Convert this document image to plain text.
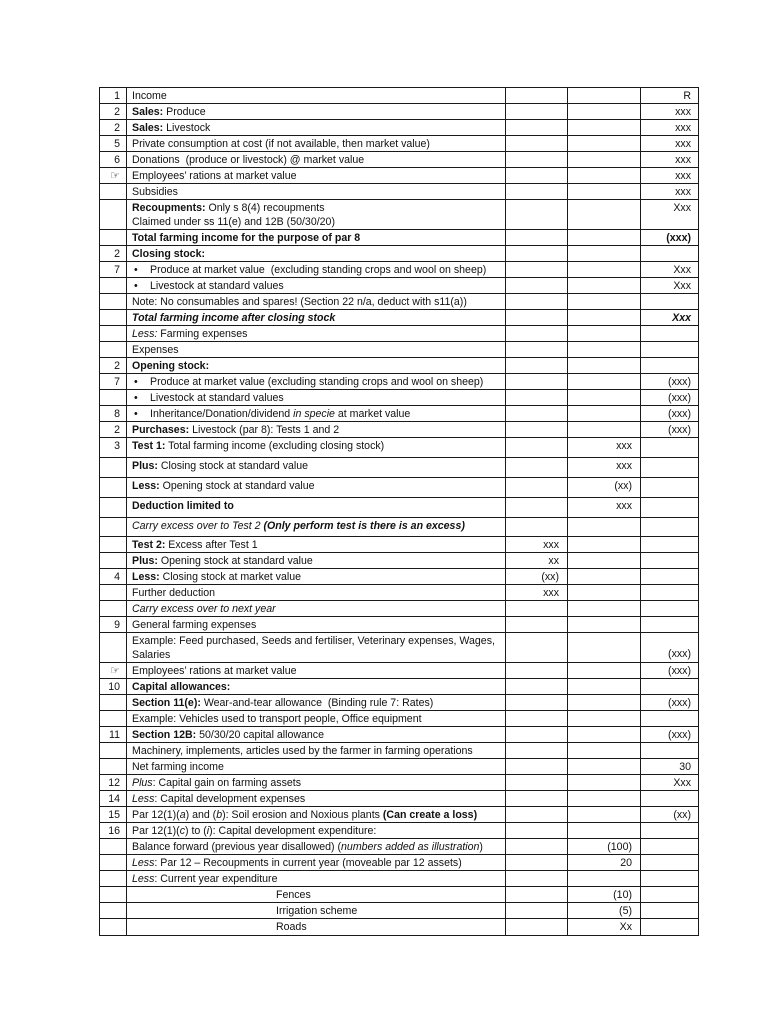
1	Income			R
2	Sales: Produce			xxx
2	Sales: Livestock			xxx
5	Private consumption at cost (if not available, then market value)			xxx
6	Donations  (produce or livestock) @ market value			xxx
☞	Employees’ rations at market value			xxx

	Subsidies			xxx

	Recoupments: Only s 8(4) recoupments
Claimed under ss 11(e) and 12B (50/30/20)			Xxx

	Total farming income for the purpose of par 8			(xxx)
2	Closing stock:			

7	• Produce at market value  (excluding standing crops and wool on sheep)			Xxx

	• Livestock at standard values			Xxx

	Note: No consumables and spares! (Section 22 n/a, deduct with s11(a))			

	Total farming income after closing stock			Xxx

	Less: Farming expenses			

	Expenses			

2	Opening stock:			

7	• Produce at market value (excluding standing crops and wool on sheep)			(xxx)

	• Livestock at standard values			(xxx)
8	• Inheritance/Donation/dividend in specie at market value			(xxx)
2	Purchases: Livestock (par 8): Tests 1 and 2			(xxx)
3	Test 1: Total farming income (excluding closing stock)		xxx	

	Plus: Closing stock at standard value		xxx	

	Less: Opening stock at standard value		(xx)	

	Deduction limited to		xxx	

	Carry excess over to Test 2 (Only perform test is there is an excess)			

	Test 2: Excess after Test 1	xxx		

	Plus: Opening stock at standard value	xx		
4	Less: Closing stock at market value	(xx)		

	Further deduction	xxx		

	Carry excess over to next year			

9	General farming expenses			

	Example: Feed purchased, Seeds and fertiliser, Veterinary expenses, Wages,
Salaries			(xxx)
☞	Employees’ rations at market value			(xxx)
10	Capital allowances:			

	Section 11(e): Wear-and-tear allowance  (Binding rule 7: Rates)			(xxx)

	Example: Vehicles used to transport people, Office equipment			

11	Section 12B: 50/30/20 capital allowance			(xxx)

	Machinery, implements, articles used by the farmer in farming operations			

	Net farming income			30
12	Plus: Capital gain on farming assets			Xxx
14	Less: Capital development expenses			

15	Par 12(1)(a) and (b): Soil erosion and Noxious plants (Can create a loss)			(xx)
16	Par 12(1)(c) to (i): Capital development expenditure:			

	Balance forward (previous year disallowed) (numbers added as illustration)		(100)	

	Less: Par 12 – Recoupments in current year (moveable par 12 assets)		20	

	Less: Current year expenditure			

	Fences		(10)	

	Irrigation scheme		(5)	

	Roads		Xx	
